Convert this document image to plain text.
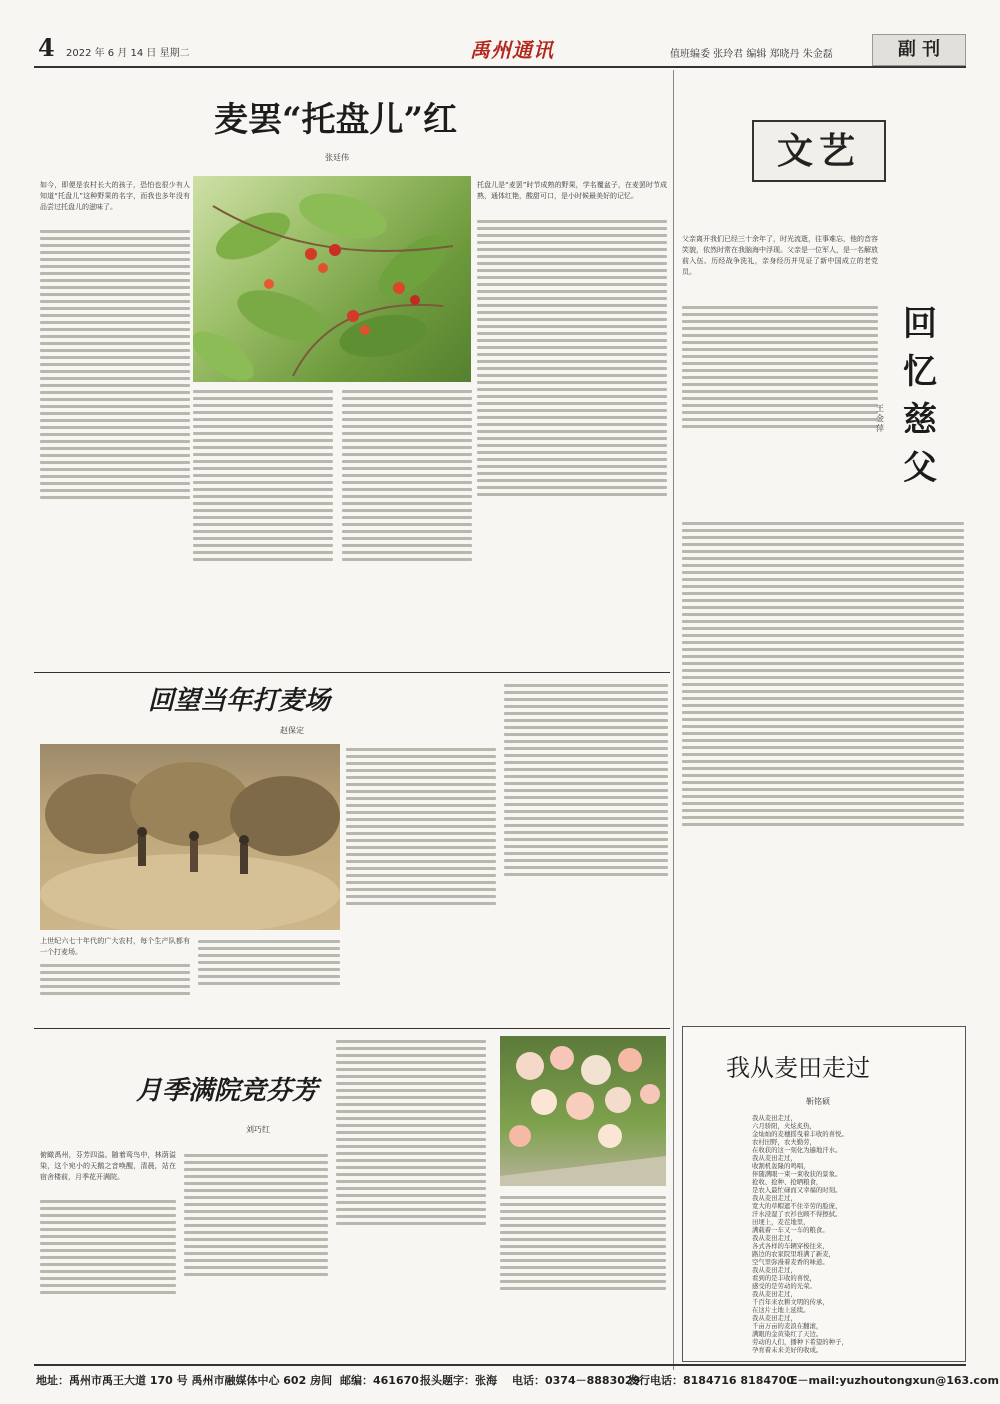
4 2022 年 6 月 14 日 星期二	禹州通讯	值班编委 张玲君 编辑 郑晓丹 朱金磊	副 刊
麦罢“托盘儿”红
张廷伟
如今，即便是农村长大的孩子，恐怕也很少有人知道“托盘儿”这种野果的名字，而我也多年没有品尝过托盘儿的滋味了。
托盘儿是“麦罢”时节成熟的野果，学名覆盆子，在麦罢时节成熟，通体红艳，酸甜可口，是小时候最美好的记忆。
回望当年打麦场
赵保定
上世纪六七十年代的广大农村，每个生产队都有一个打麦场。
月季满院竞芬芳
刘巧红
俯瞰禹州，芬芳四溢。随着鸾鸟中，林荫溢染，这个宛小的天鹅之音唤醒，清晨，站在宿舍楼前，月季花开满院。
文艺
父亲离开我们已经三十余年了，时光流逝，往事难忘，他的音容笑貌，依然时常在我脑海中浮现。父亲是一位军人，是一名解放前入伍、历经战争洗礼，亲身经历并见证了新中国成立的老党员。
回忆慈父
王金萍
我从麦田走过
靳铭硕
我从麦田走过，
六月骄阳，火炫炙热，
金灿灿的麦穗摇曳着丰收的喜悦。
农村田野，农夫勤劳，
在收获的这一刻化为遍地汗水。
我从麦田走过，
收割机轰隆的鸣唱，
伴随满眼一束一束收获的景象。
抢收、抢种、抢晒粮食，
是农人最忙碌而又幸福的时刻。
我从麦田走过，
宽大的草帽遮不住辛劳的脸庞，
汗水浸湿了衣衫也顾不得擦拭。
田埂上，麦茬地里，
满载着一车又一车的粮食。
我从麦田走过，
各式各样的车辆穿梭往来，
路边的农家院里堆满了新麦，
空气里弥漫着麦香的味道。
我从麦田走过，
看到的是丰收的喜悦，
感受的是劳动的光荣。
我从麦田走过，
千百年来农耕文明的传承，
在这片土地上延续。
我从麦田走过，
千亩万亩的麦浪在翻滚，
满眼的金黄染红了天边。
劳动的人们，播种下希望的种子，
孕育着未来美好的收成。
地址：禹州市禹王大道 170 号 禹州市融媒体中心 602 房间 邮编：461670 报头题字：张海 电话：0374－8883029
发行电话：8184716 8184700
E－mail:yuzhoutongxun@163.com
